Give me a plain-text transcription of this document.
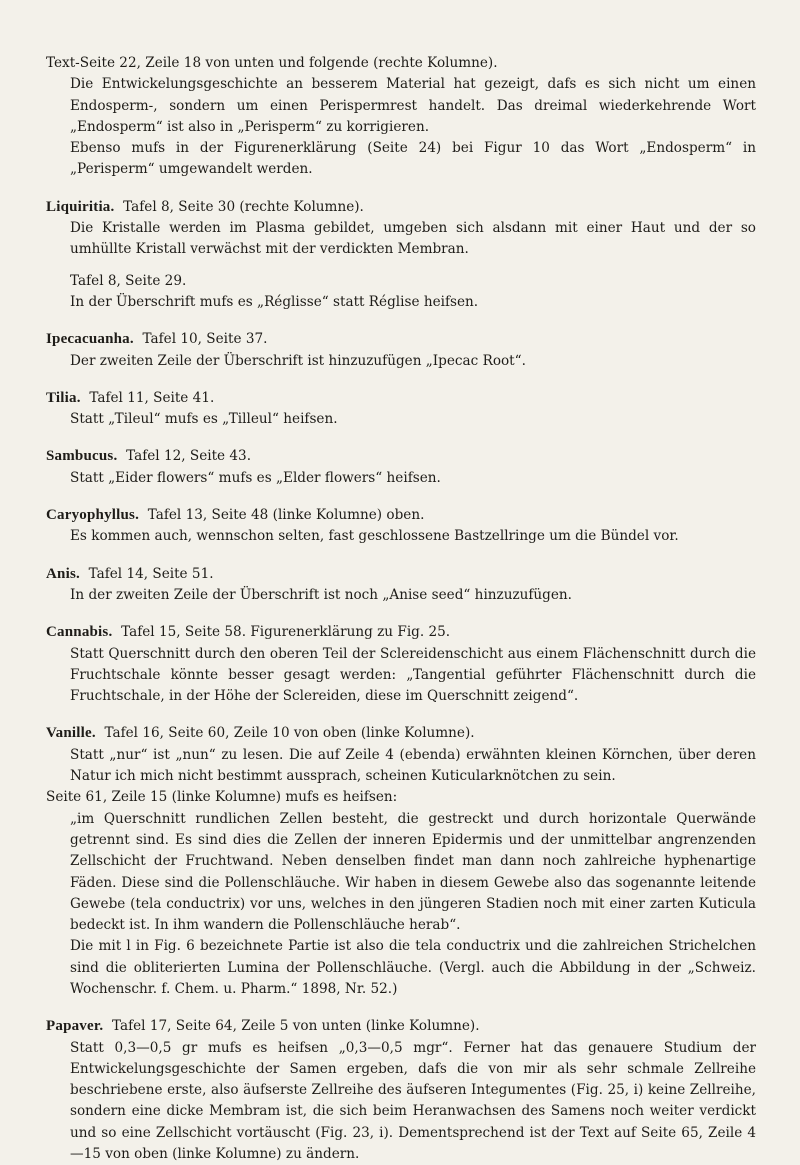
Text-Seite 22, Zeile 18 von unten und folgende (rechte Kolumne).

Die Entwickelungsgeschichte an besserem Material hat gezeigt, dafs es sich nicht um einen Endosperm-, sondern um einen Perispermrest handelt. Das dreimal wiederkehrende Wort „Endosperm“ ist also in „Perisperm“ zu korrigieren.

Ebenso mufs in der Figurenerklärung (Seite 24) bei Figur 10 das Wort „Endosperm“ in „Perisperm“ umgewandelt werden.

Liquiritia. Tafel 8, Seite 30 (rechte Kolumne).

Die Kristalle werden im Plasma gebildet, umgeben sich alsdann mit einer Haut und der so umhüllte Kristall verwächst mit der verdickten Membran.

Tafel 8, Seite 29.

In der Überschrift mufs es „Réglisse“ statt Réglise heifsen.

Ipecacuanha. Tafel 10, Seite 37.

Der zweiten Zeile der Überschrift ist hinzuzufügen „Ipecac Root“.

Tilia. Tafel 11, Seite 41.

Statt „Tileul“ mufs es „Tilleul“ heifsen.

Sambucus. Tafel 12, Seite 43.

Statt „Eider flowers“ mufs es „Elder flowers“ heifsen.

Caryophyllus. Tafel 13, Seite 48 (linke Kolumne) oben.

Es kommen auch, wennschon selten, fast geschlossene Bastzellringe um die Bündel vor.

Anis. Tafel 14, Seite 51.

In der zweiten Zeile der Überschrift ist noch „Anise seed“ hinzuzufügen.

Cannabis. Tafel 15, Seite 58. Figurenerklärung zu Fig. 25.

Statt Querschnitt durch den oberen Teil der Sclereidenschicht aus einem Flächenschnitt durch die Fruchtschale könnte besser gesagt werden: „Tangential geführter Flächenschnitt durch die Fruchtschale, in der Höhe der Sclereiden, diese im Querschnitt zeigend“.

Vanille. Tafel 16, Seite 60, Zeile 10 von oben (linke Kolumne).

Statt „nur“ ist „nun“ zu lesen. Die auf Zeile 4 (ebenda) erwähnten kleinen Körnchen, über deren Natur ich mich nicht bestimmt aussprach, scheinen Kuticularknötchen zu sein.

Seite 61, Zeile 15 (linke Kolumne) mufs es heifsen:

„im Querschnitt rundlichen Zellen besteht, die gestreckt und durch horizontale Querwände getrennt sind. Es sind dies die Zellen der inneren Epidermis und der unmittelbar angrenzenden Zellschicht der Fruchtwand. Neben denselben findet man dann noch zahlreiche hyphenartige Fäden. Diese sind die Pollenschläuche. Wir haben in diesem Gewebe also das sogenannte leitende Gewebe (tela conductrix) vor uns, welches in den jüngeren Stadien noch mit einer zarten Kuticula bedeckt ist. In ihm wandern die Pollenschläuche herab“.

Die mit l in Fig. 6 bezeichnete Partie ist also die tela conductrix und die zahlreichen Strichelchen sind die obliterierten Lumina der Pollenschläuche. (Vergl. auch die Abbildung in der „Schweiz. Wochenschr. f. Chem. u. Pharm.“ 1898, Nr. 52.)

Papaver. Tafel 17, Seite 64, Zeile 5 von unten (linke Kolumne).

Statt 0,3—0,5 gr mufs es heifsen „0,3—0,5 mgr“. Ferner hat das genauere Studium der Entwickelungsgeschichte der Samen ergeben, dafs die von mir als sehr schmale Zellreihe beschriebene erste, also äufserste Zellreihe des äufseren Integumentes (Fig. 25, i) keine Zellreihe, sondern eine dicke Membram ist, die sich beim Heranwachsen des Samens noch weiter verdickt und so eine Zellschicht vortäuscht (Fig. 23, i). Dementsprechend ist der Text auf Seite 65, Zeile 4—15 von oben (linke Kolumne) zu ändern.
